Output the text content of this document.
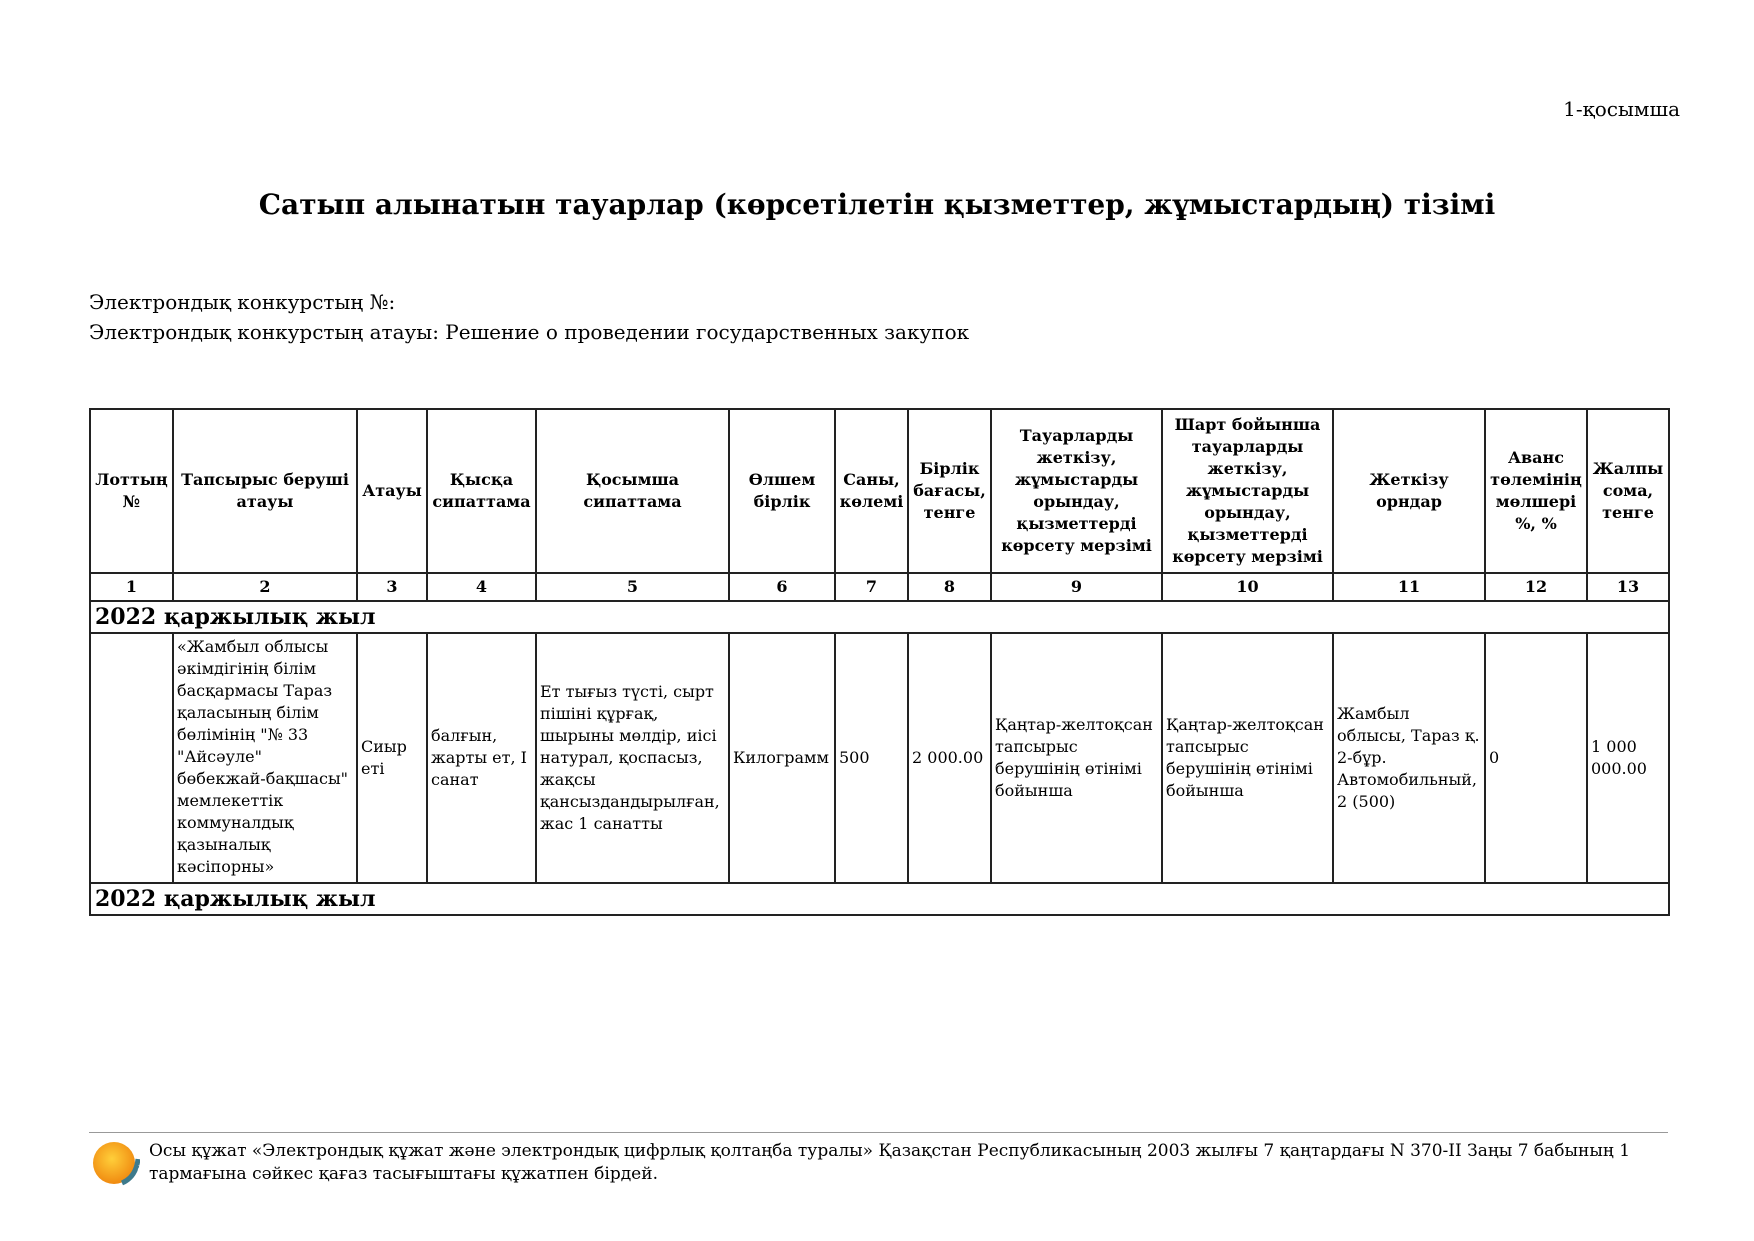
1-қосымша
Сатып алынатын тауарлар (көрсетілетін қызметтер, жұмыстардың) тізімі
Электрондық конкурстың №:
Электрондық конкурстың атауы: Решение о проведении государственных закупок
Лоттың №	Тапсырыс беруші атауы	Атауы	Қысқа сипаттама	Қосымша сипаттама	Өлшем бірлік	Саны, көлемі	Бірлік бағасы, тенге	Тауарларды жеткізу, жұмыстарды орындау, қызметтерді көрсету мерзімі	Шарт бойынша тауарларды жеткізу, жұмыстарды орындау, қызметтерді көрсету мерзімі	Жеткізу орндар	Аванс төлемінің мөлшері %, %	Жалпы сома, тенге
1	2	3	4	5	6	7	8	9	10	11	12	13
2022 қаржылық жыл												
	«Жамбыл облысы әкімдігінің білім басқармасы Тараз қаласының білім бөлімінің "№ 33 "Айсәуле" бөбекжай-бақшасы" мемлекеттік коммуналдық қазыналық кәсіпорны»	Сиыр еті	балғын, жарты ет, I санат	Ет тығыз түсті, сырт пішіні құрғақ, шырыны мөлдір, иісі натурал, қоспасыз, жақсы қансыздандырылған, жас 1 санатты	Килограмм	500	2 000.00	Қаңтар-желтоқсан тапсырыс берушінің өтінімі бойынша	Қаңтар-желтоқсан тапсырыс берушінің өтінімі бойынша	Жамбыл облысы, Тараз қ. 2-бұр. Автомобильный, 2 (500)	0	1 000 000.00
2022 қаржылық жыл												
Осы құжат «Электрондық құжат және электрондық цифрлық қолтаңба туралы» Қазақстан Республикасының 2003 жылғы 7 қаңтардағы N 370-II Заңы 7 бабының 1 тармағына сәйкес қағаз тасығыштағы құжатпен бірдей.
